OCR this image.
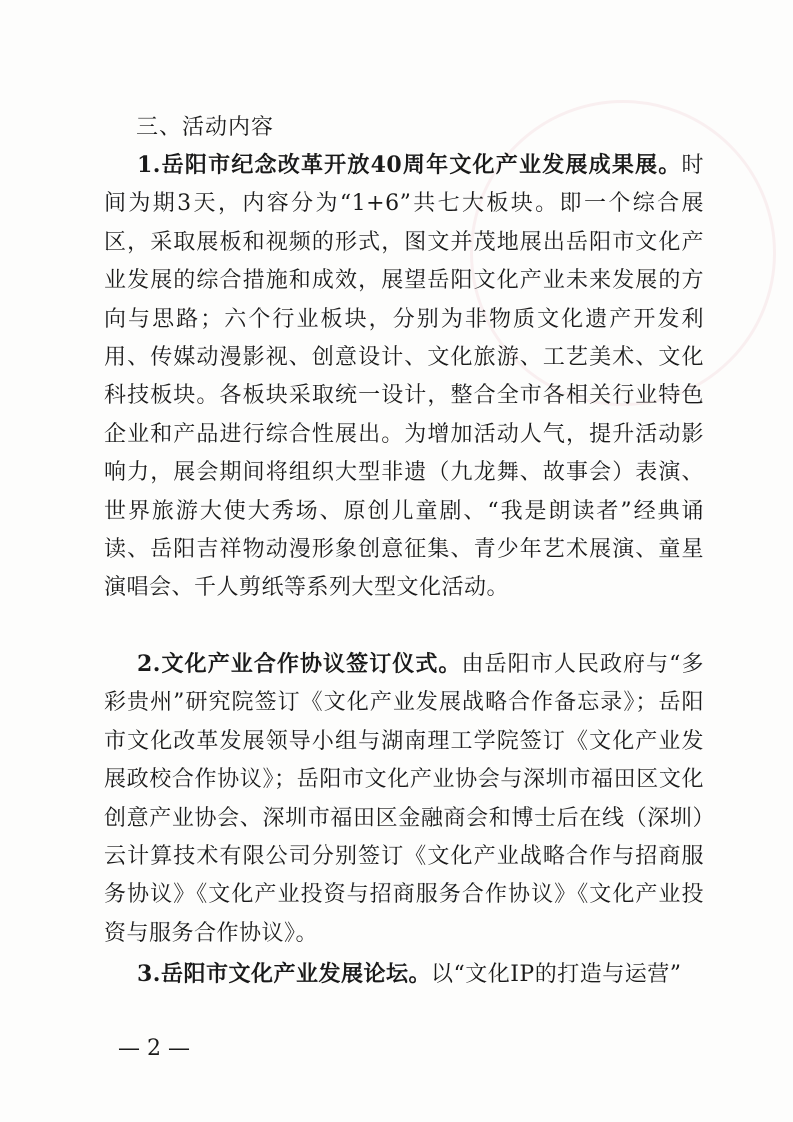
三、活动内容

1.岳阳市纪念改革开放40周年文化产业发展成果展。时间为期3天，内容分为“1+6”共七大板块。即一个综合展区，采取展板和视频的形式，图文并茂地展出岳阳市文化产业发展的综合措施和成效，展望岳阳文化产业未来发展的方向与思路；六个行业板块，分别为非物质文化遗产开发利用、传媒动漫影视、创意设计、文化旅游、工艺美术、文化科技板块。各板块采取统一设计，整合全市各相关行业特色企业和产品进行综合性展出。为增加活动人气，提升活动影响力，展会期间将组织大型非遗（九龙舞、故事会）表演、世界旅游大使大秀场、原创儿童剧、“我是朗读者”经典诵读、岳阳吉祥物动漫形象创意征集、青少年艺术展演、童星演唱会、千人剪纸等系列大型文化活动。

2.文化产业合作协议签订仪式。由岳阳市人民政府与“多彩贵州”研究院签订《文化产业发展战略合作备忘录》；岳阳市文化改革发展领导小组与湖南理工学院签订《文化产业发展政校合作协议》；岳阳市文化产业协会与深圳市福田区文化创意产业协会、深圳市福田区金融商会和博士后在线（深圳）云计算技术有限公司分别签订《文化产业战略合作与招商服务协议》《文化产业投资与招商服务合作协议》《文化产业投资与服务合作协议》。

3.岳阳市文化产业发展论坛。以“文化IP的打造与运营”

— 2 —
